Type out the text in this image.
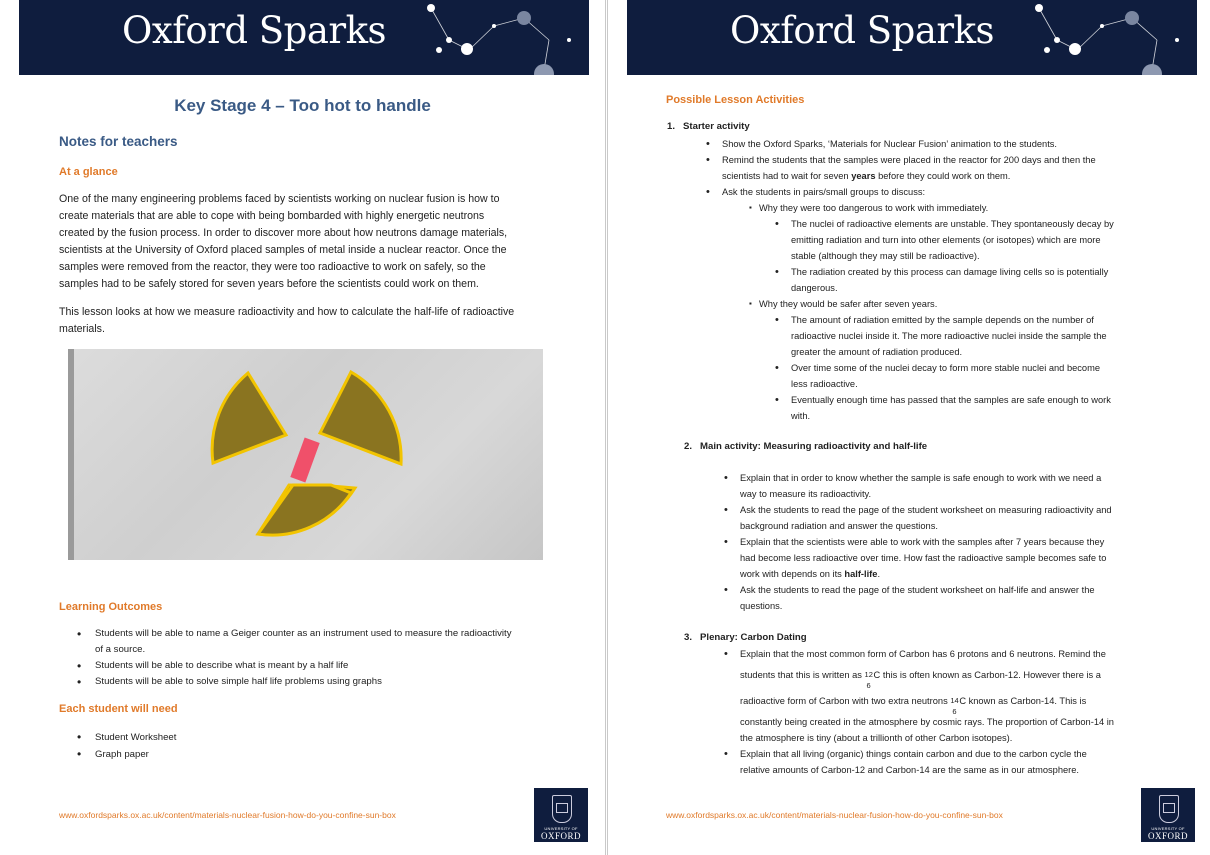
Oxford Sparks
Key Stage 4 – Too hot to handle
Notes for teachers
At a glance
One of the many engineering problems faced by scientists working on nuclear fusion is how to
create materials that are able to cope with being bombarded with highly energetic neutrons
created by the fusion process. In order to discover more about how neutrons damage materials,
scientists at the University of Oxford placed samples of metal inside a nuclear reactor. Once the
samples were removed from the reactor, they were too radioactive to work on safely, so the
samples had to be safely stored for seven years before the scientists could work on them.
This lesson looks at how we measure radioactivity and how to calculate the half-life of radioactive
materials.
Learning Outcomes
• Students will be able to name a Geiger counter as an instrument used to measure the radioactivity
of a source.
• Students will be able to describe what is meant by a half life
• Students will be able to solve simple half life problems using graphs
Each student will need
• Student Worksheet
• Graph paper
www.oxfordsparks.ox.ac.uk/content/materials-nuclear-fusion-how-do-you-confine-sun-box
UNIVERSITY OF
OXFORD
Oxford Sparks
Possible Lesson Activities
1. Starter activity
• Show the Oxford Sparks, ‘Materials for Nuclear Fusion’ animation to the students.
• Remind the students that the samples were placed in the reactor for 200 days and then the
scientists had to wait for seven years before they could work on them.
• Ask the students in pairs/small groups to discuss:
▪ Why they were too dangerous to work with immediately.
• The nuclei of radioactive elements are unstable. They spontaneously decay by
emitting radiation and turn into other elements (or isotopes) which are more
stable (although they may still be radioactive).
• The radiation created by this process can damage living cells so is potentially
dangerous.
▪ Why they would be safer after seven years.
• The amount of radiation emitted by the sample depends on the number of
radioactive nuclei inside it. The more radioactive nuclei inside the sample the
greater the amount of radiation produced.
• Over time some of the nuclei decay to form more stable nuclei and become
less radioactive.
• Eventually enough time has passed that the samples are safe enough to work
with.
2. Main activity: Measuring radioactivity and half-life
• Explain that in order to know whether the sample is safe enough to work with we need a
way to measure its radioactivity.
• Ask the students to read the page of the student worksheet on measuring radioactivity and
background radiation and answer the questions.
• Explain that the scientists were able to work with the samples after 7 years because they
had become less radioactive over time. How fast the radioactive sample becomes safe to
work with depends on its half-life.
• Ask the students to read the page of the student worksheet on half-life and answer the
questions.
3. Plenary: Carbon Dating
• Explain that the most common form of Carbon has 6 protons and 6 neutrons. Remind the
students that this is written as 12
6
C this is often known as Carbon-12. However there is a
radioactive form of Carbon with two extra neutrons 14
6
C known as Carbon-14. This is
constantly being created in the atmosphere by cosmic rays. The proportion of Carbon-14 in
the atmosphere is tiny (about a trillionth of other Carbon isotopes).
• Explain that all living (organic) things contain carbon and due to the carbon cycle the
relative amounts of Carbon-12 and Carbon-14 are the same as in our atmosphere.
www.oxfordsparks.ox.ac.uk/content/materials-nuclear-fusion-how-do-you-confine-sun-box
UNIVERSITY OF
OXFORD
